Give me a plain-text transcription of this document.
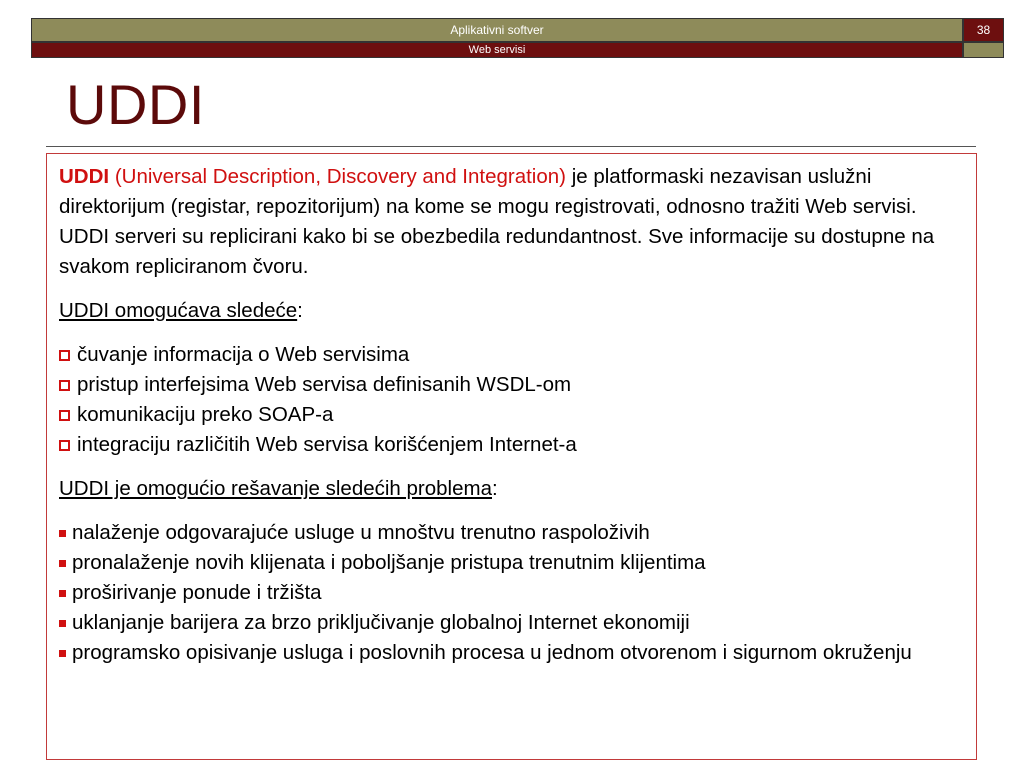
Aplikativni softver	38
Web servisi
UDDI

UDDI (Universal Description, Discovery and Integration) je platformaski nezavisan uslužni direktorijum (registar, repozitorijum) na kome se mogu registrovati, odnosno tražiti Web servisi. UDDI serveri su replicirani kako bi se obezbedila redundantnost. Sve informacije su dostupne na svakom repliciranom čvoru.

UDDI omogućava sledeće:

čuvanje informacija o Web servisima
pristup interfejsima Web servisa definisanih WSDL-om
komunikaciju preko SOAP-a
integraciju različitih Web servisa korišćenjem Internet-a

UDDI je omogućio rešavanje sledećih problema:

nalaženje odgovarajuće usluge u mnoštvu trenutno raspoloživih
pronalaženje novih klijenata i poboljšanje pristupa trenutnim klijentima
proširivanje ponude i tržišta
uklanjanje barijera za brzo priključivanje globalnoj Internet ekonomiji
programsko opisivanje usluga i poslovnih procesa u jednom otvorenom i sigurnom okruženju
